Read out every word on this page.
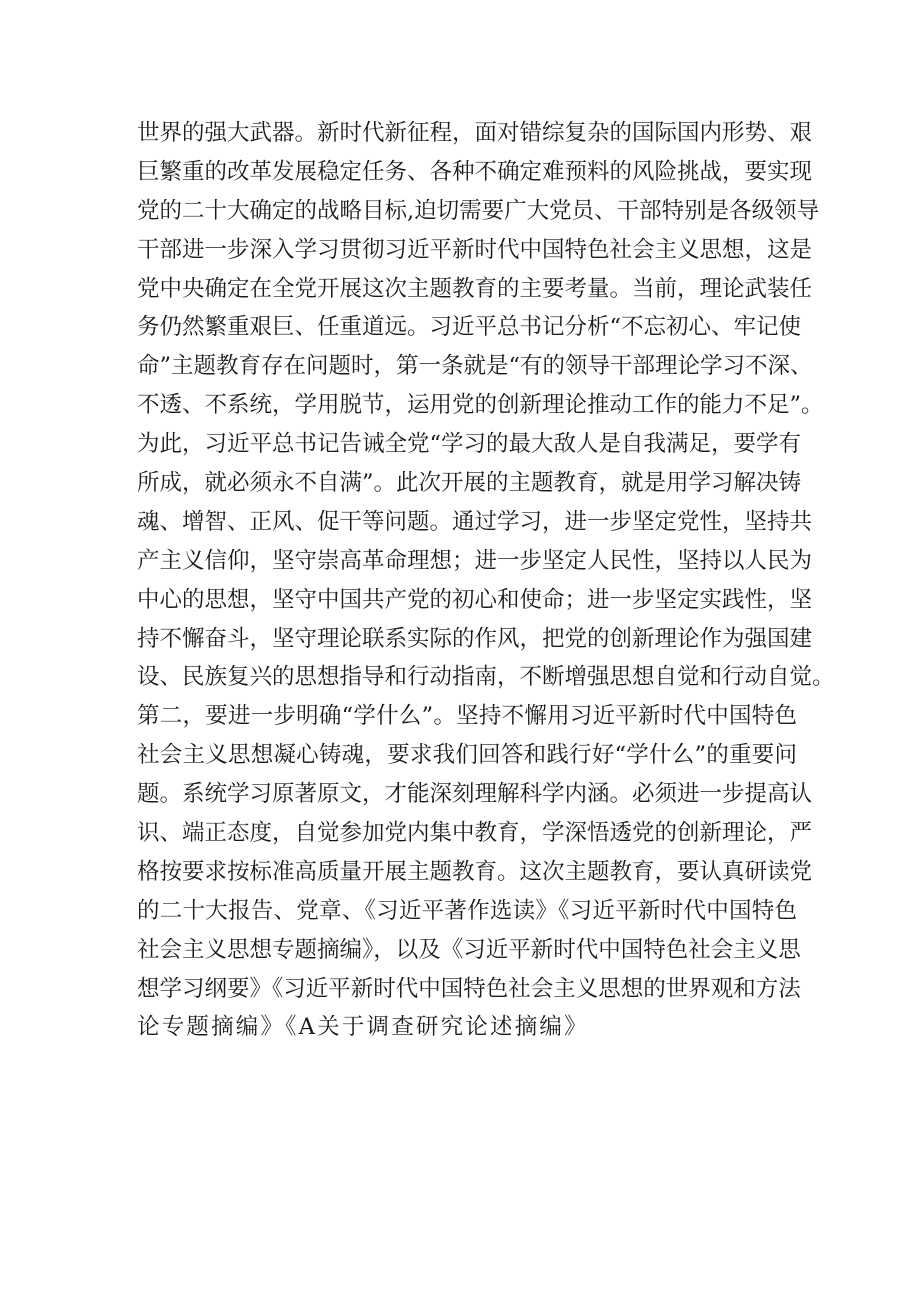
世界的强大武器。新时代新征程，面对错综复杂的国际国内形势、艰
巨繁重的改革发展稳定任务、各种不确定难预料的风险挑战，要实现
党的二十大确定的战略目标,迫切需要广大党员、干部特别是各级领导
干部进一步深入学习贯彻习近平新时代中国特色社会主义思想，这是
党中央确定在全党开展这次主题教育的主要考量。当前，理论武装任
务仍然繁重艰巨、任重道远。习近平总书记分析“不忘初心、牢记使
命”主题教育存在问题时，第一条就是“有的领导干部理论学习不深、
不透、不系统，学用脱节，运用党的创新理论推动工作的能力不足”。
为此，习近平总书记告诫全党“学习的最大敌人是自我满足，要学有
所成，就必须永不自满”。此次开展的主题教育，就是用学习解决铸
魂、增智、正风、促干等问题。通过学习，进一步坚定党性，坚持共
产主义信仰，坚守崇高革命理想；进一步坚定人民性，坚持以人民为
中心的思想，坚守中国共产党的初心和使命；进一步坚定实践性，坚
持不懈奋斗，坚守理论联系实际的作风，把党的创新理论作为强国建
设、民族复兴的思想指导和行动指南，不断增强思想自觉和行动自觉。
第二，要进一步明确“学什么”。坚持不懈用习近平新时代中国特色
社会主义思想凝心铸魂，要求我们回答和践行好“学什么”的重要问
题。系统学习原著原文，才能深刻理解科学内涵。必须进一步提高认
识、端正态度，自觉参加党内集中教育，学深悟透党的创新理论，严
格按要求按标准高质量开展主题教育。这次主题教育，要认真研读党
的二十大报告、党章、《习近平著作选读》《习近平新时代中国特色
社会主义思想专题摘编》，以及《习近平新时代中国特色社会主义思
想学习纲要》《习近平新时代中国特色社会主义思想的世界观和方法
论专题摘编》《A关于调查研究论述摘编》
